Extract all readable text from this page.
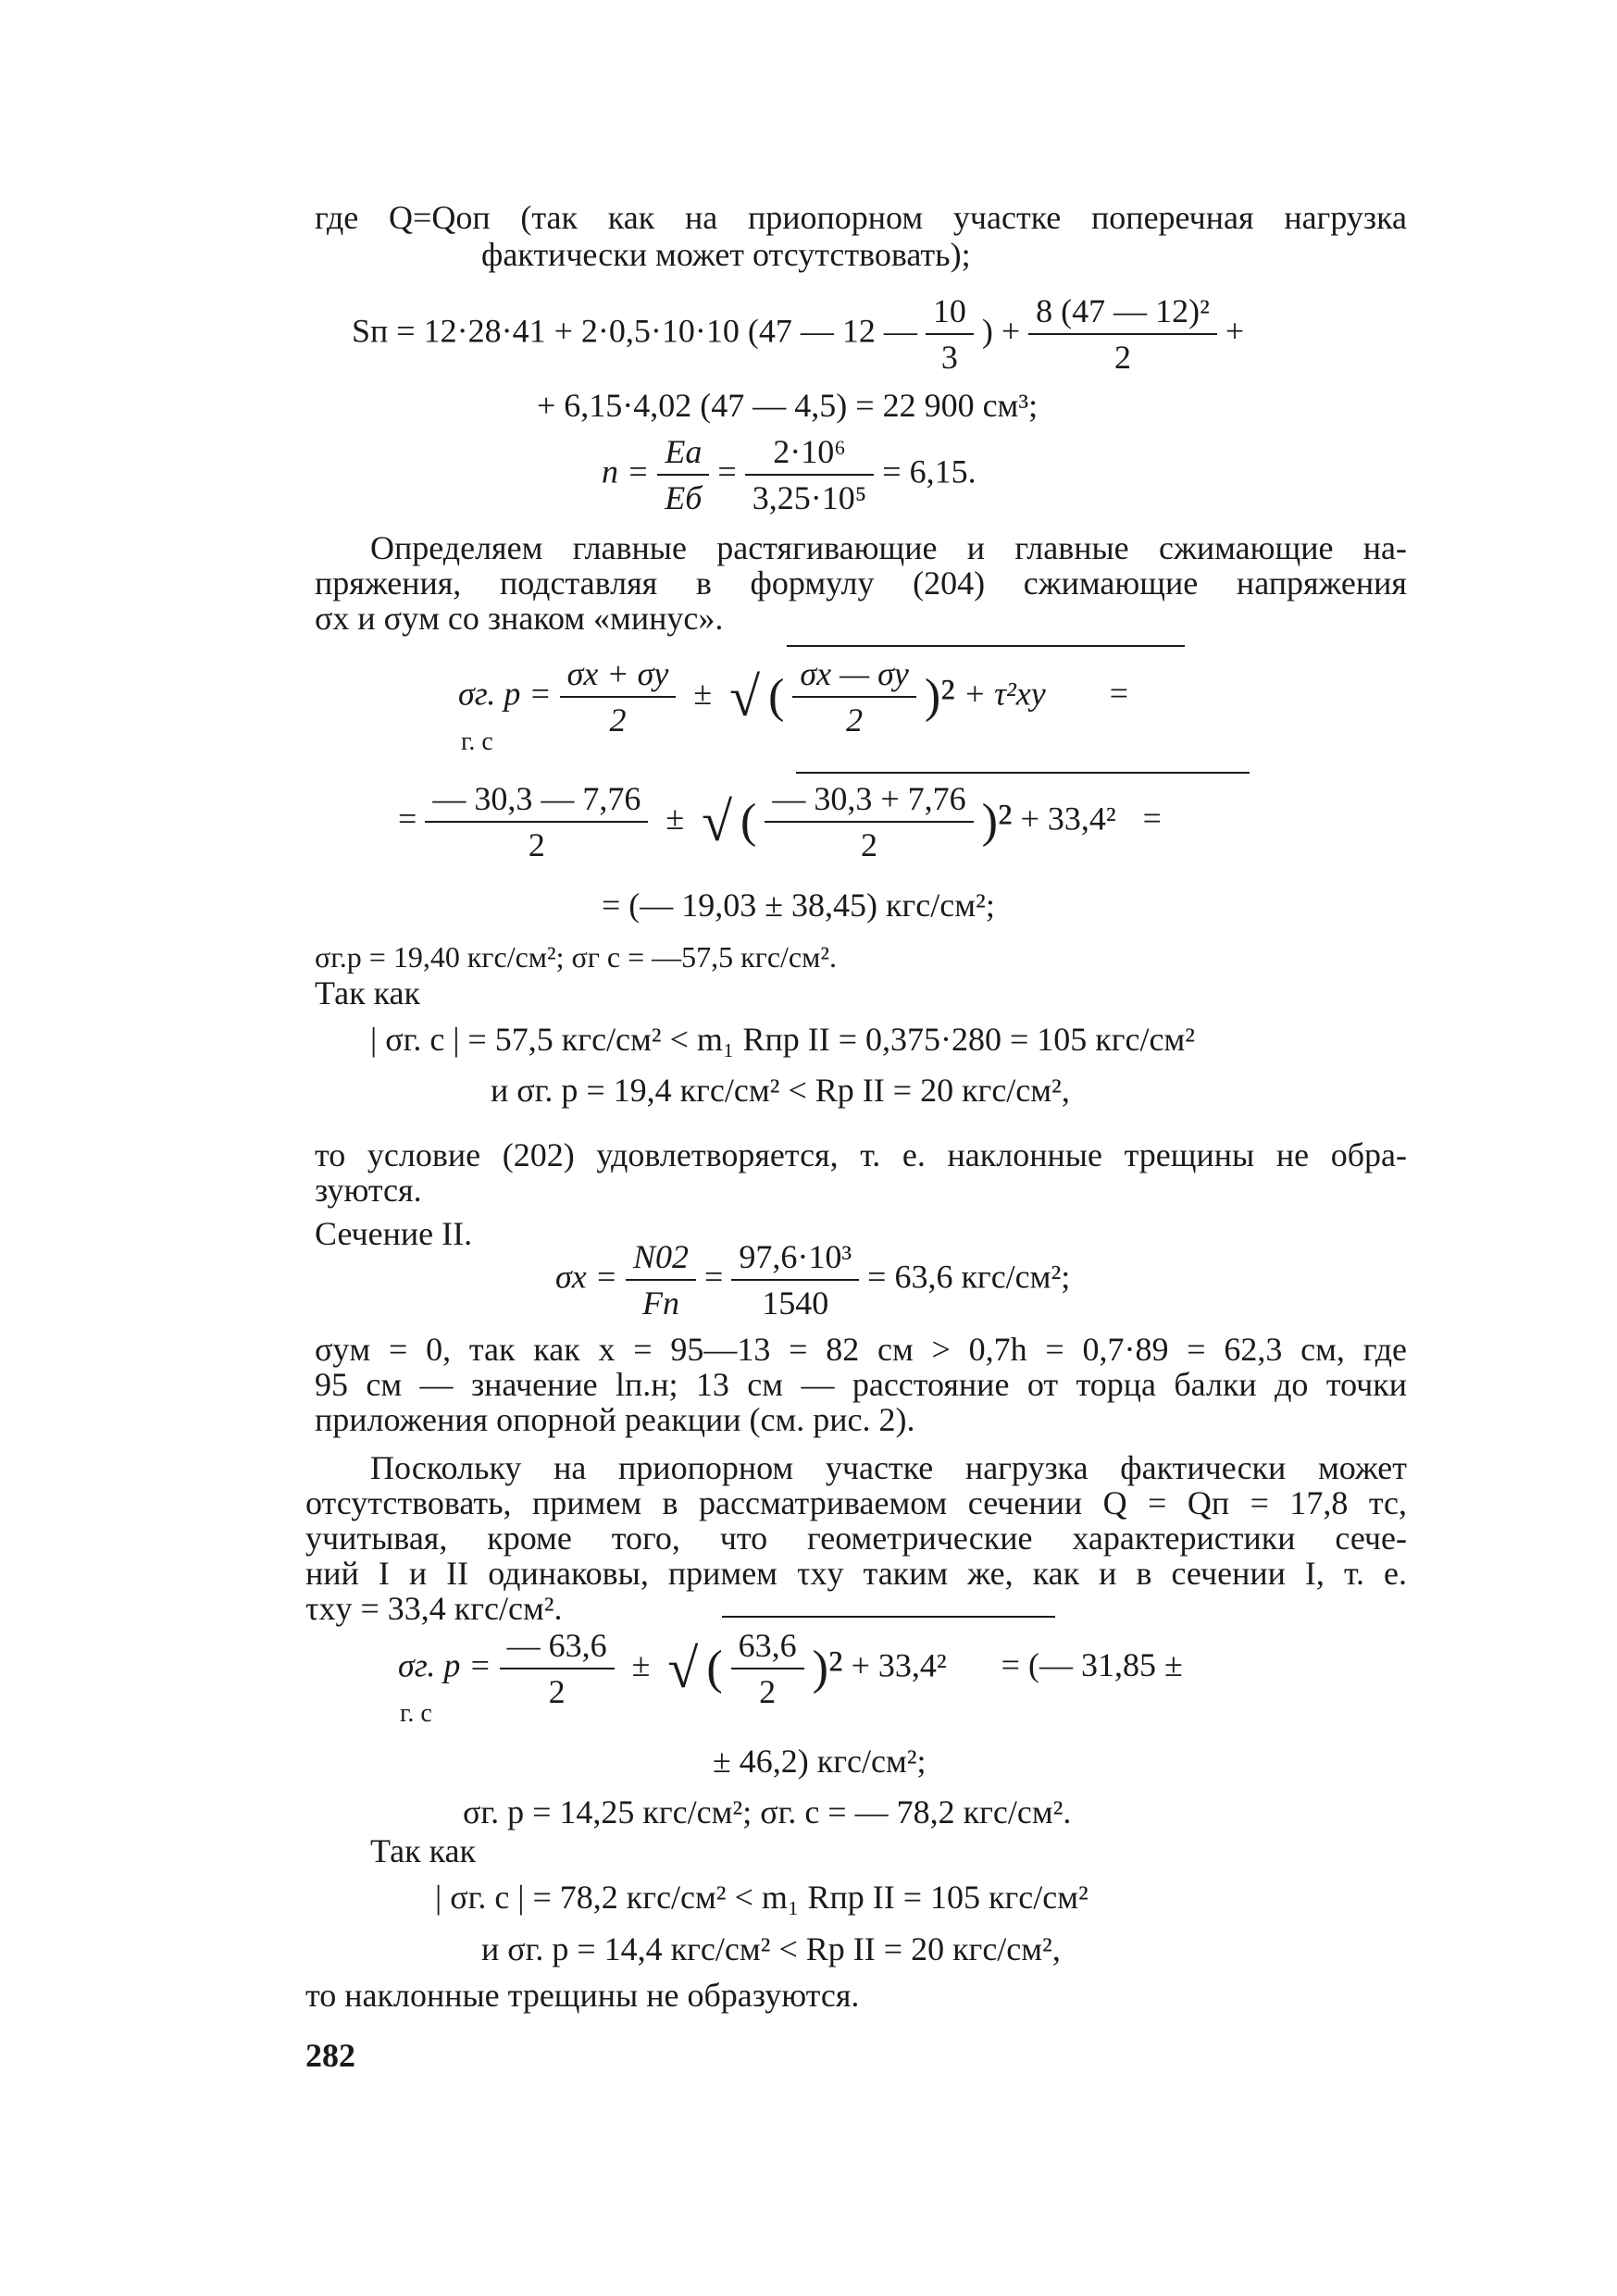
где Q=Qоп (так как на приопорном участке поперечная нагрузка
фактически может отсутствовать);
Sп = 12·28·41 + 2·0,5·10·10 (47 — 12 — $\frac{10}{3}$ ) + $\frac{\text{8 (47 — 12)²}}{2}$ +
+ 6,15·4,02 (47 — 4,5) = 22 900 см³;
$n = \frac{Eа}{Eб} = \frac{\text{2·10⁶}}{\text{3,25·10⁵}} = 6,15$.
Определяем главные растягивающие и главные сжимающие на-
пряжения, подставляя в формулу (204) сжимающие напряжения
σx и σyм со знаком «минус».
σг. $р = \frac{\sigma x + \sigma y}{2}$ ± √ ( $\frac{\sigma x — \sigma y}{2} )^2 + \tau^2xy$ =
г. с
= $\frac{— 30,3 — 7,76}{2}$ ± √ ( $\frac{— 30,3 + 7,76}{2} )^2 + 33,4^2$ =
= (— 19,03 ± 38,45) кгс/см²;
σг.р = 19,40 кгс/см²; σг с = —57,5 кгс/см².
Так как
| σг. с | = 57,5 кгс/см² < m₁ Rпр II = 0,375·280 = 105 кгс/см²
и σг. р = 19,4 кгс/см² < Rр II = 20 кгс/см²,
то условие (202) удовлетворяется, т. е. наклонные трещины не обра-
зуются.
Сечение II.
$\sigma x = \frac{N02}{Fп} = \frac{\text{97,6·10³}}{1540} = 63,6$ кгс/см²;
σyм = 0, так как x = 95—13 = 82 см > 0,7h = 0,7·89 = 62,3 см, где
95 см — значение lп.н; 13 см — расстояние от торца балки до точки
приложения опорной реакции (см. рис. 2).
Поскольку на приопорном участке нагрузка фактически может
отсутствовать, примем в рассматриваемом сечении Q = Qп = 17,8 тс,
учитывая, кроме того, что геометрические характеристики сече-
ний I и II одинаковы, примем τxy таким же, как и в сечении I, т. е.
τxy = 33,4 кгс/см².
σг. $р = \frac{— 63,6}{2}$ ± √ ( $\frac{63,6}{2} )^2 + 33,4^2$ = (— 31,85 ±
г. с
± 46,2) кгс/см²;
σг. р = 14,25 кгс/см²; σг. с = — 78,2 кгс/см².
Так как
| σг. с | = 78,2 кгс/см² < m₁ Rпр II = 105 кгс/см²
и σг. р = 14,4 кгс/см² < Rр II = 20 кгс/см²,
то наклонные трещины не образуются.
282
